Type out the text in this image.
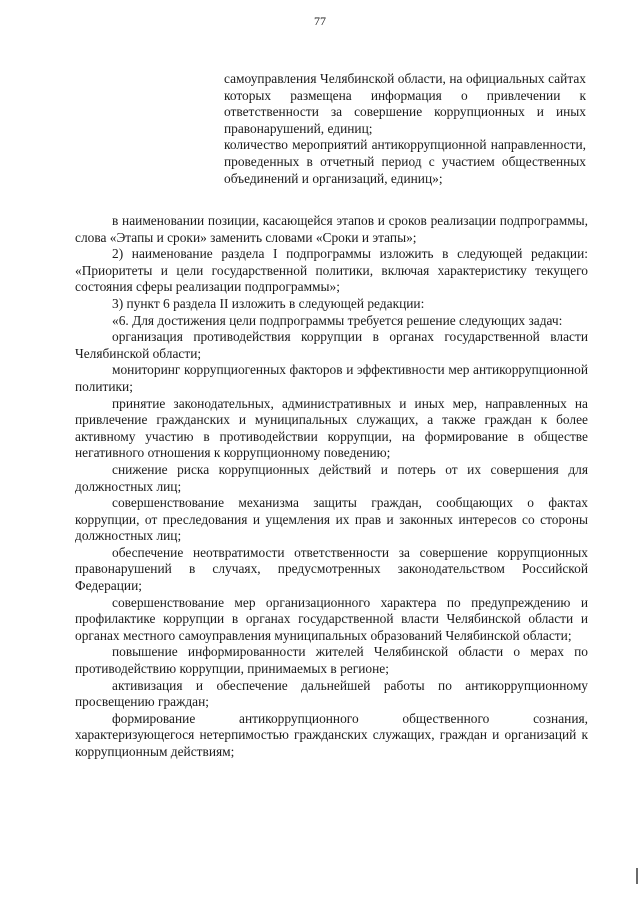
77

самоуправления Челябинской области, на официальных сайтах которых размещена информация о привлечении к ответственности за совершение коррупционных и иных правонарушений, единиц;

количество мероприятий антикоррупционной направленности, проведенных в отчетный период с участием общественных объединений и организаций, единиц»;

в наименовании позиции, касающейся этапов и сроков реализации подпрограммы, слова «Этапы и сроки» заменить словами «Сроки и этапы»;

2) наименование раздела I подпрограммы изложить в следующей редакции: «Приоритеты и цели государственной политики, включая характеристику текущего состояния сферы реализации подпрограммы»;

3) пункт 6 раздела II изложить в следующей редакции:

«6. Для достижения цели подпрограммы требуется решение следующих задач:

организация противодействия коррупции в органах государственной власти Челябинской области;

мониторинг коррупциогенных факторов и эффективности мер антикоррупционной политики;

принятие законодательных, административных и иных мер, направленных на привлечение гражданских и муниципальных служащих, а также граждан к более активному участию в противодействии коррупции, на формирование в обществе негативного отношения к коррупционному поведению;

снижение риска коррупционных действий и потерь от их совершения для должностных лиц;

совершенствование механизма защиты граждан, сообщающих о фактах коррупции, от преследования и ущемления их прав и законных интересов со стороны должностных лиц;

обеспечение неотвратимости ответственности за совершение коррупционных правонарушений в случаях, предусмотренных законодательством Российской Федерации;

совершенствование мер организационного характера по предупреждению и профилактике коррупции в органах государственной власти Челябинской области и органах местного самоуправления муниципальных образований Челябинской области;

повышение информированности жителей Челябинской области о мерах по противодействию коррупции, принимаемых в регионе;

активизация и обеспечение дальнейшей работы по антикоррупционному просвещению граждан;

формирование антикоррупционного общественного сознания, характеризующегося нетерпимостью гражданских служащих, граждан и организаций к коррупционным действиям;
